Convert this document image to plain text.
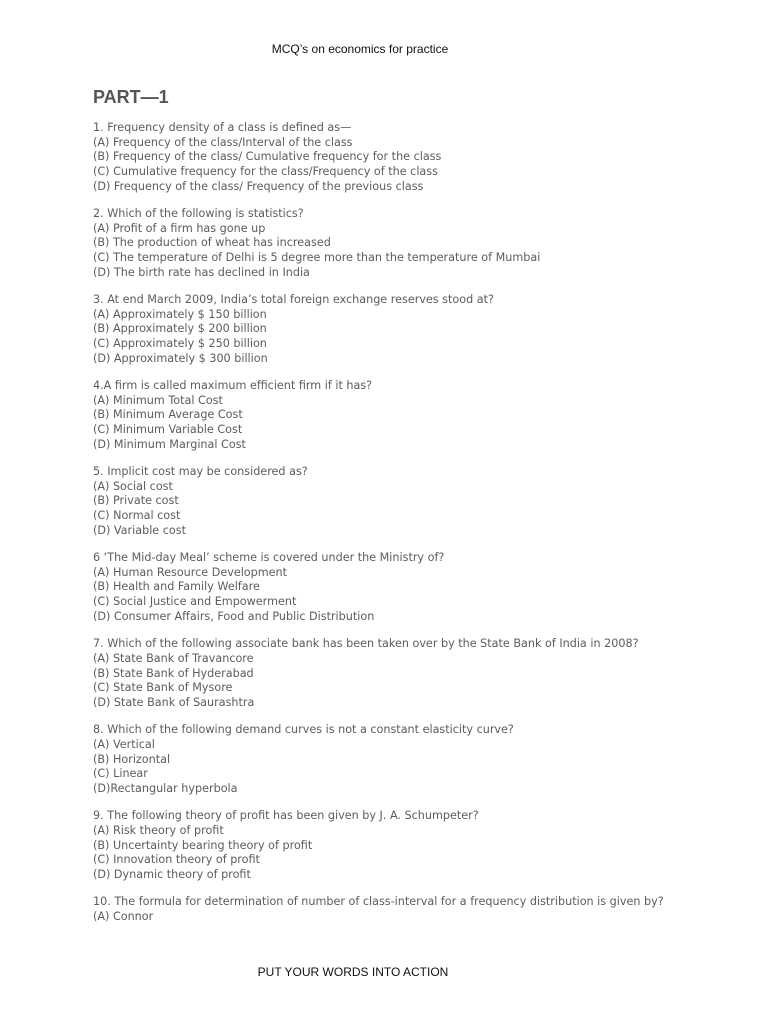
MCQ’s on economics for practice
PART—1
1. Frequency density of a class is defined as—
(A) Frequency of the class/Interval of the class
(B) Frequency of the class/ Cumulative frequency for the class
(C) Cumulative frequency for the class/Frequency of the class
(D) Frequency of the class/ Frequency of the previous class
2. Which of the following is statistics?
(A) Profit of a firm has gone up
(B) The production of wheat has increased
(C) The temperature of Delhi is 5 degree more than the temperature of Mumbai
(D) The birth rate has declined in India
3. At end March 2009, India’s total foreign exchange reserves stood at?
(A) Approximately $ 150 billion
(B) Approximately $ 200 billion
(C) Approximately $ 250 billion
(D) Approximately $ 300 billion
4.A firm is called maximum efficient firm if it has?
(A) Minimum Total Cost
(B) Minimum Average Cost
(C) Minimum Variable Cost
(D) Minimum Marginal Cost
5. Implicit cost may be considered as?
(A) Social cost
(B) Private cost
(C) Normal cost
(D) Variable cost
6 ‘The Mid-day Meal’ scheme is covered under the Ministry of?
(A) Human Resource Development
(B) Health and Family Welfare
(C) Social Justice and Empowerment
(D) Consumer Affairs, Food and Public Distribution
7. Which of the following associate bank has been taken over by the State Bank of India in 2008?
(A) State Bank of Travancore
(B) State Bank of Hyderabad
(C) State Bank of Mysore
(D) State Bank of Saurashtra
8. Which of the following demand curves is not a constant elasticity curve?
(A) Vertical
(B) Horizontal
(C) Linear
(D)Rectangular hyperbola
9. The following theory of profit has been given by J. A. Schumpeter?
(A) Risk theory of profit
(B) Uncertainty bearing theory of profit
(C) Innovation theory of profit
(D) Dynamic theory of profit
10. The formula for determination of number of class-interval for a frequency distribution is given by?
(A) Connor
PUT YOUR WORDS INTO ACTION
